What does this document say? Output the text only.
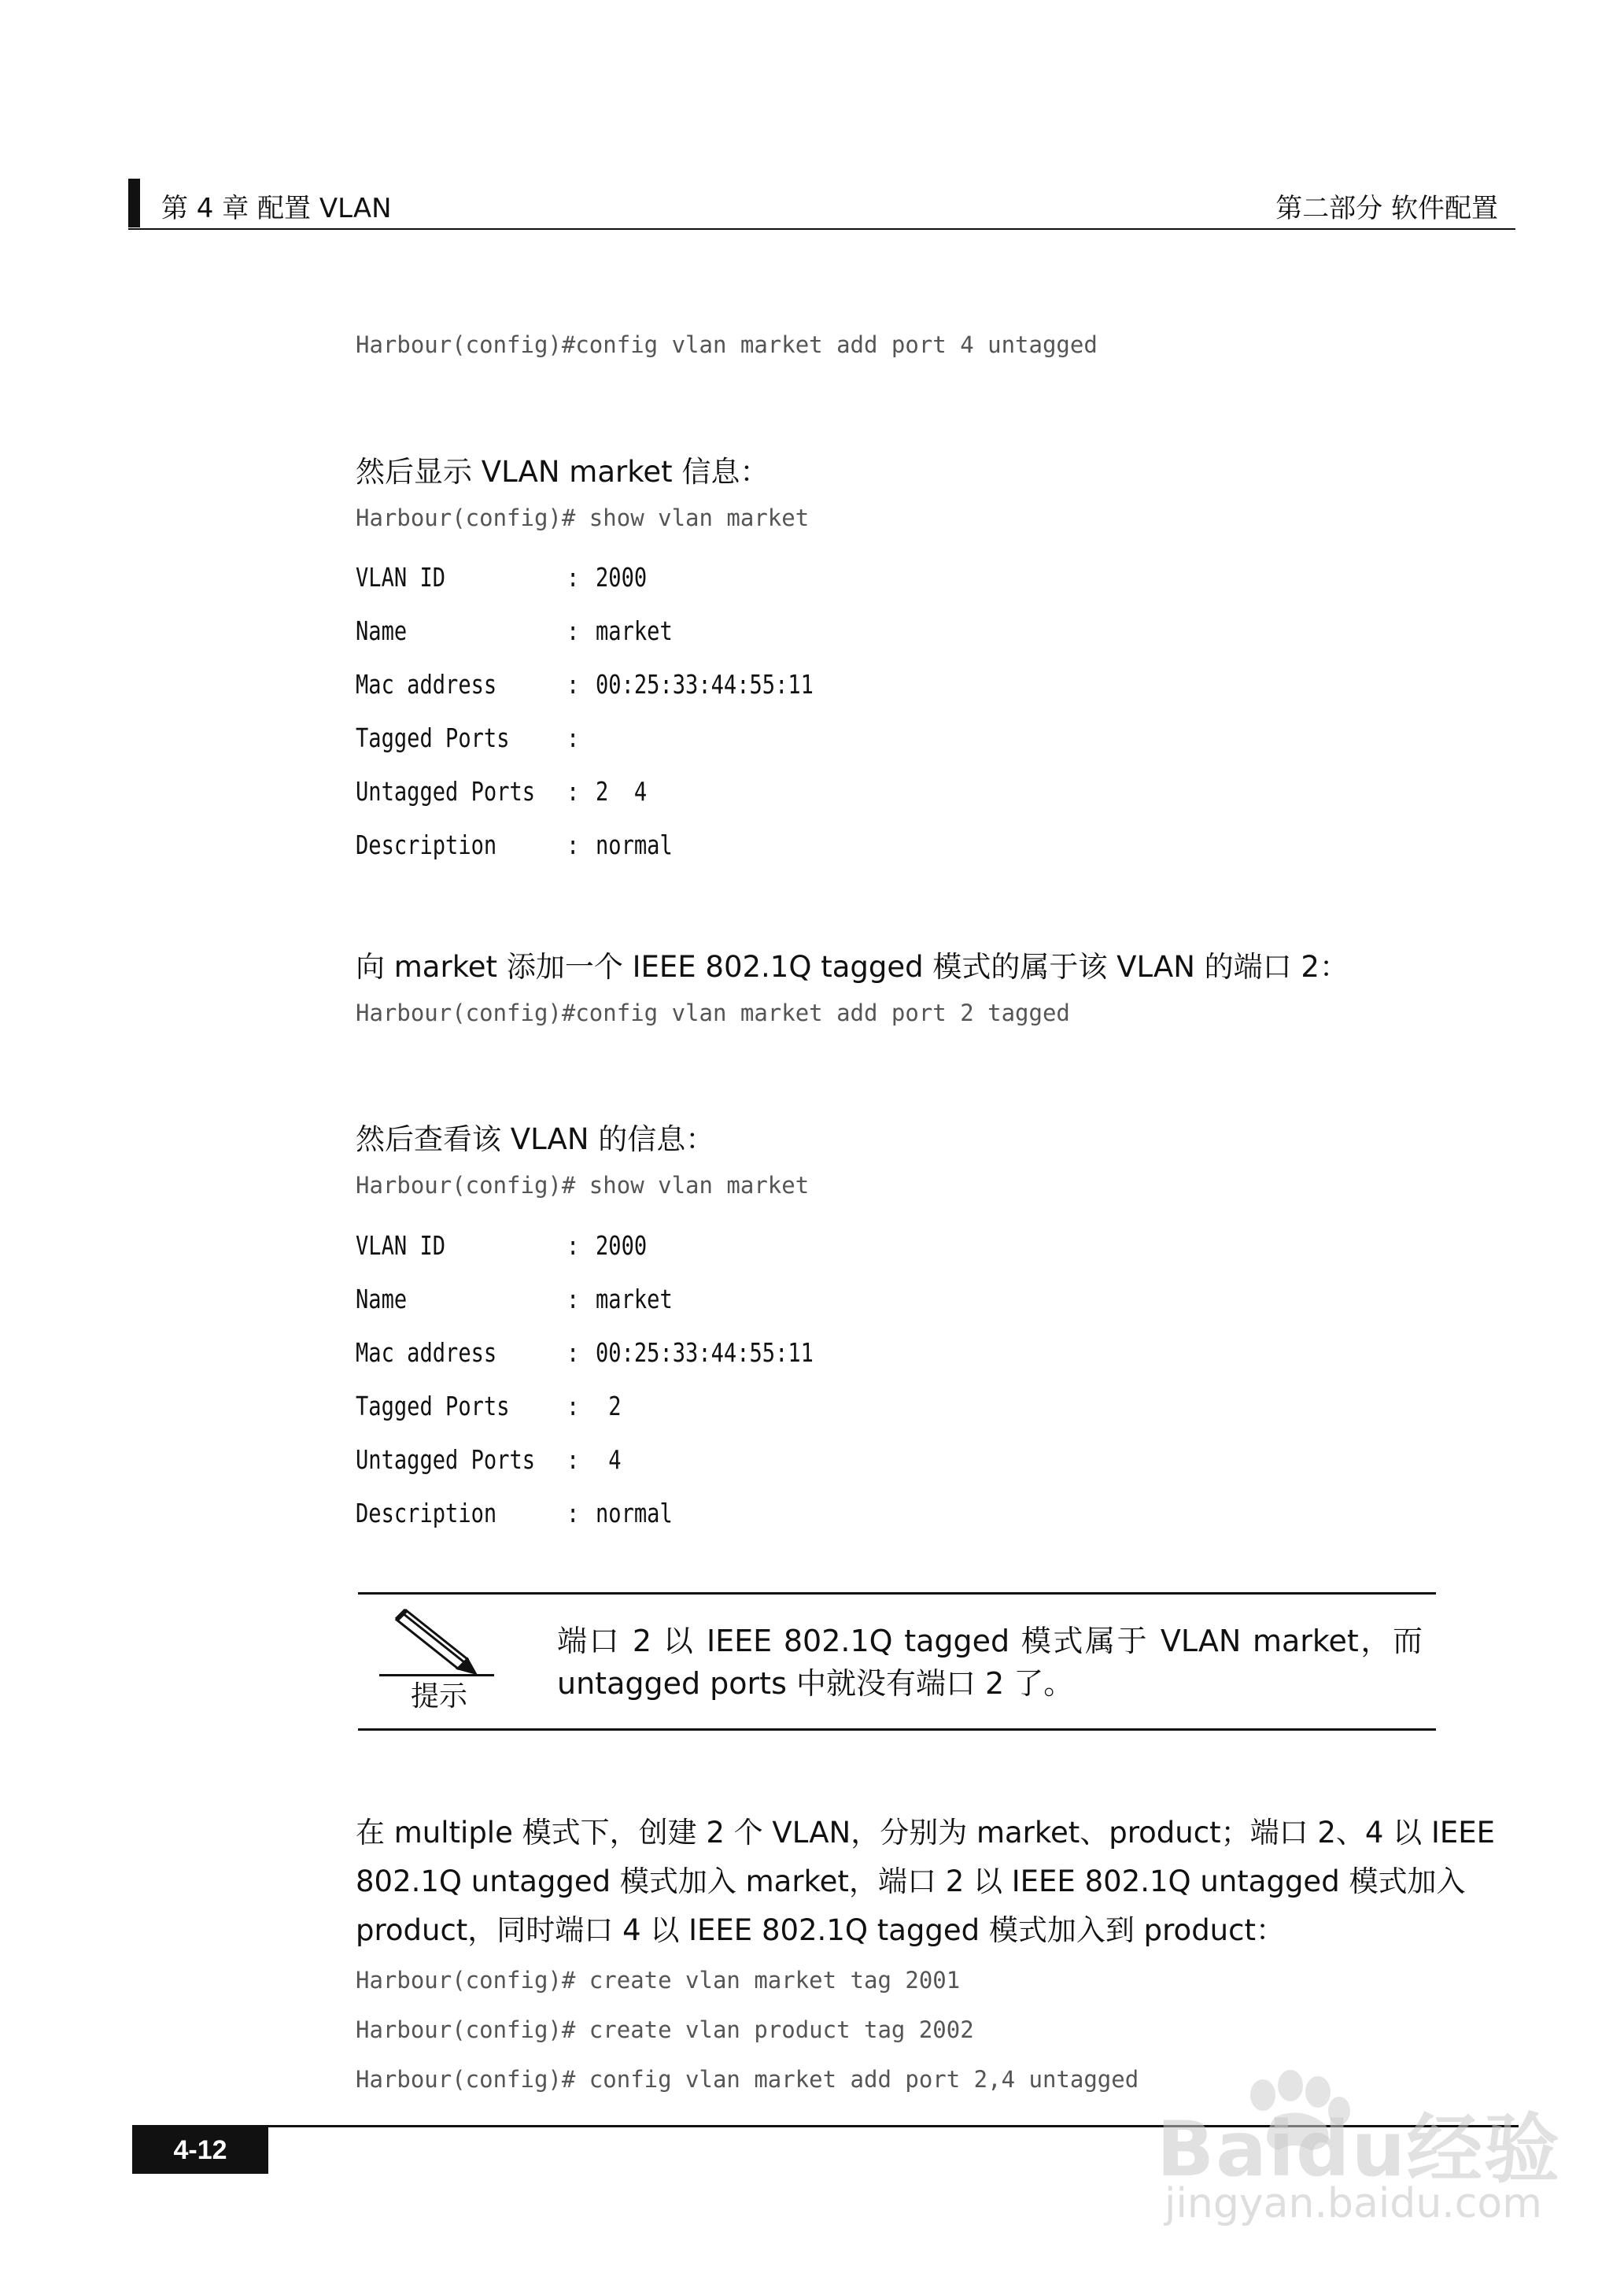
第 4 章 配置 VLAN	第二部分 软件配置
Harbour(config)#config vlan market add port 4 untagged
然后显示 VLAN market 信息：
Harbour(config)# show vlan market
VLAN ID	: 2000
Name	: market
Mac address	: 00:25:33:44:55:11
Tagged Ports :
Untagged Ports : 2  4
Description	: normal
向 market 添加一个 IEEE 802.1Q tagged 模式的属于该 VLAN 的端口 2：
Harbour(config)#config vlan market add port 2 tagged
然后查看该 VLAN 的信息：
Harbour(config)# show vlan market
VLAN ID	: 2000
Name	: market
Mac address	: 00:25:33:44:55:11
Tagged Ports : 2
Untagged Ports : 4
Description	: normal
提示
端口 2 以 IEEE 802.1Q tagged 模式属于 VLAN market，而 untagged ports 中就没有端口 2 了。
在 multiple 模式下，创建 2 个 VLAN，分别为 market、product；端口 2、4 以 IEEE 802.1Q untagged 模式加入 market，端口 2 以 IEEE 802.1Q untagged 模式加入 product，同时端口 4 以 IEEE 802.1Q tagged 模式加入到 product：
Harbour(config)# create vlan market tag 2001
Harbour(config)# create vlan product tag 2002
Harbour(config)# config vlan market add port 2,4 untagged
4-12	Baidu经验
jingyan.baidu.com
